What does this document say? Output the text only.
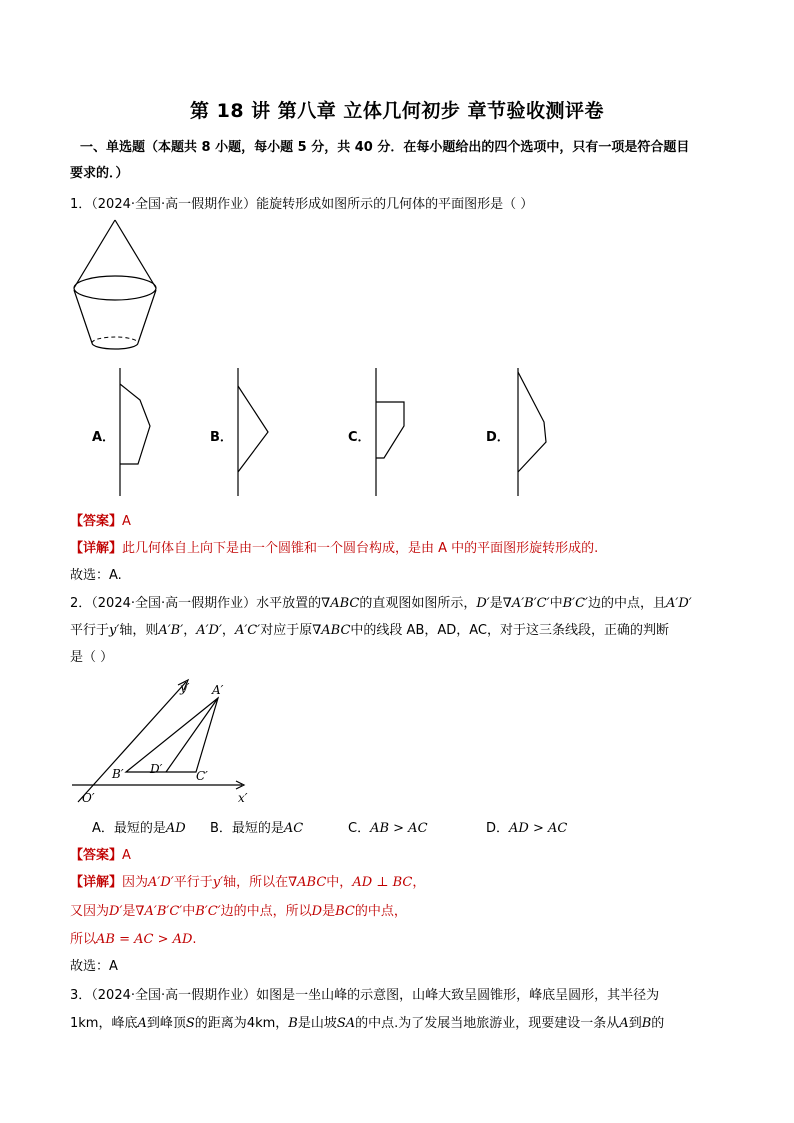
第 18 讲 第八章 立体几何初步 章节验收测评卷
一、单选题（本题共 8 小题，每小题 5 分，共 40 分．在每小题给出的四个选项中，只有一项是符合题目
要求的．）
1．（2024·全国·高一假期作业）能旋转形成如图所示的几何体的平面图形是（ ）
A．	B．	C．	D．
【答案】A
【详解】此几何体自上向下是由一个圆锥和一个圆台构成，是由 A 中的平面图形旋转形成的.
故选：A.
2．（2024·全国·高一假期作业）水平放置的∇ABC的直观图如图所示，D′是∇A′B′C′中B′C′边的中点，且A′D′
平行于y′轴，则A′B′，A′D′，A′C′对应于原∇ABC中的线段 AB，AD，AC，对于这三条线段，正确的判断
是（ ）
y′ A′
B′	C′
D′
O′	x′
A．最短的是AD B．最短的是AC	C．AB > AC	D．AD > AC
【答案】A
【详解】因为A′D′平行于y′轴，所以在∇ABC中，AD ⊥ BC，
又因为D′是∇A′B′C′中B′C′边的中点，所以D是BC的中点，
所以AB = AC > AD.
故选：A
3．（2024·全国·高一假期作业）如图是一坐山峰的示意图，山峰大致呈圆锥形，峰底呈圆形，其半径为
1km，峰底A到峰顶S的距离为4km，B是山坡SA的中点.为了发展当地旅游业，现要建设一条从A到B的
